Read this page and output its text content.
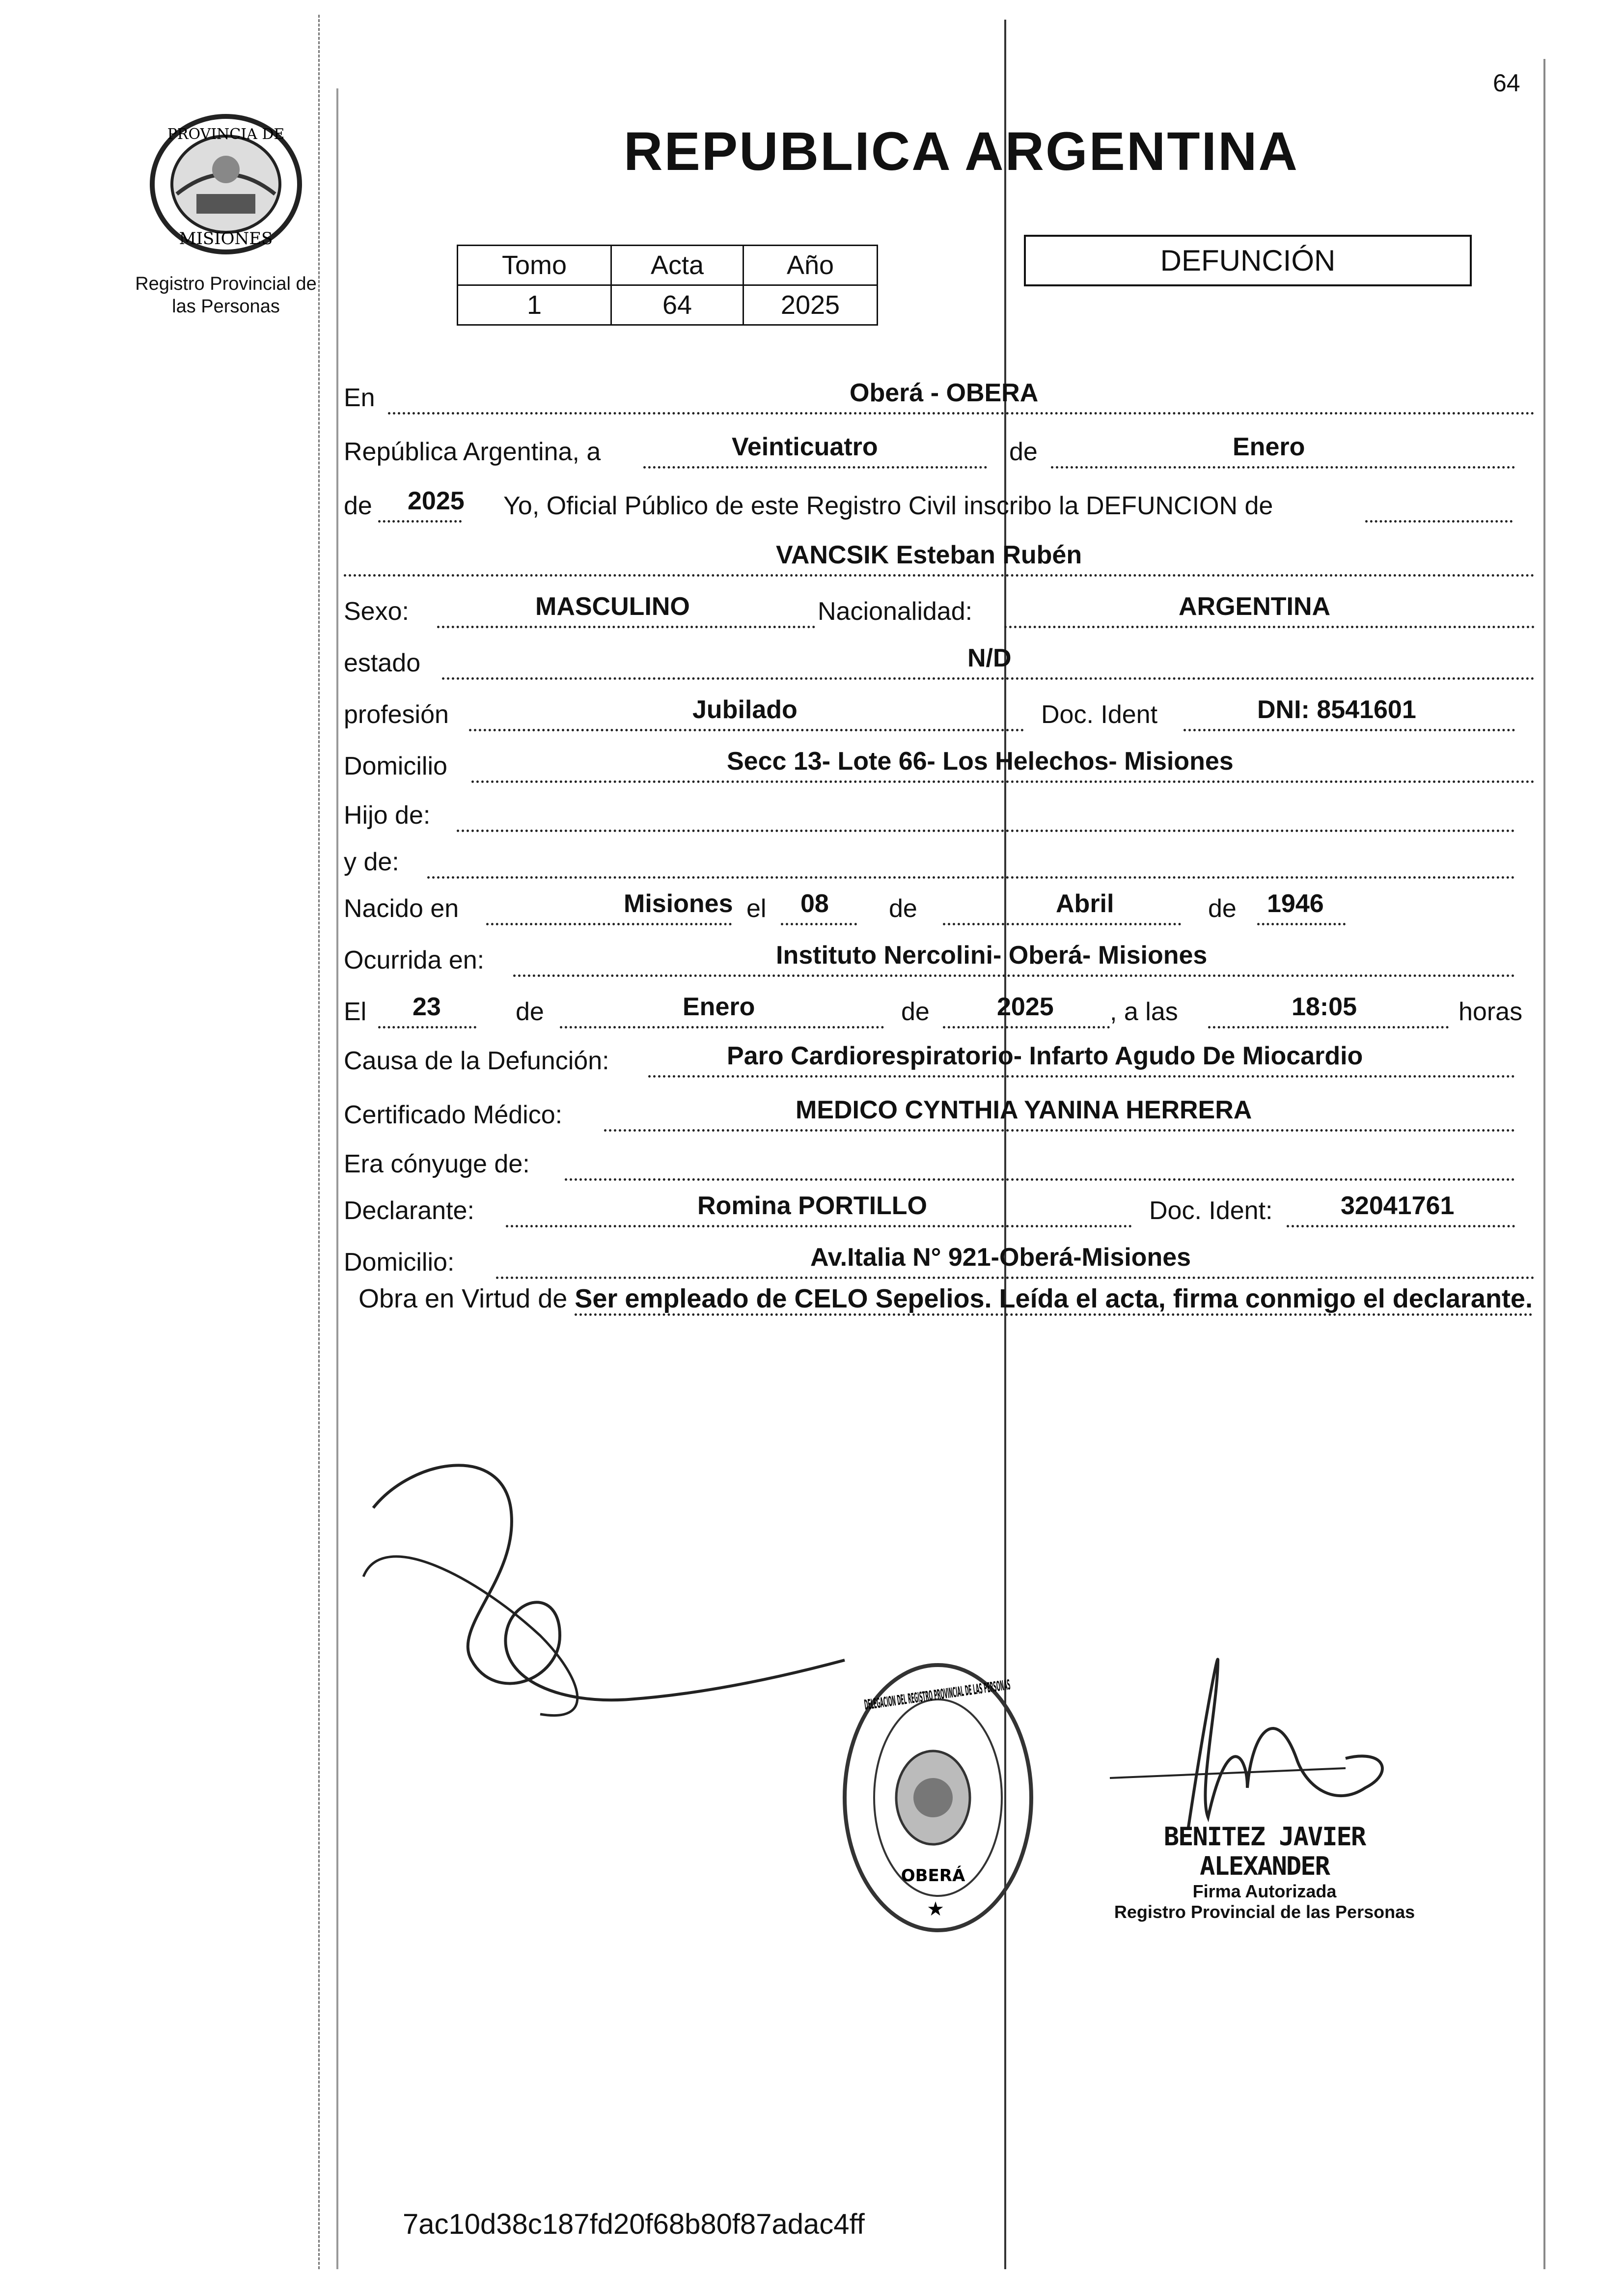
PROVINCIA DE
MISIONES
Registro Provincial de
las Personas
64
REPUBLICA ARGENTINA
Tomo	Acta	Año
1	64	2025
DEFUNCIÓN
En	Oberá - OBERA
República Argentina, a	Veinticuatro	de	Enero
de 2025 Yo, Oficial Público de este Registro Civil inscribo la DEFUNCION de
VANCSIK Esteban Rubén
Sexo:	MASCULINO	Nacionalidad:	ARGENTINA
estado	N/D
profesión	Jubilado	Doc. Ident	DNI: 8541601
Domicilio	Secc 13- Lote 66- Los Helechos- Misiones
Hijo de:
y de:
Nacido en	Misiones el 08 de	Abril	de 1946
Ocurrida en:	Instituto Nercolini- Oberá- Misiones
El 23	de	Enero	de	2025 , a las	18:05	horas
Causa de la Defunción:	Paro Cardiorespiratorio- Infarto Agudo De Miocardio
Certificado Médico:	MEDICO CYNTHIA YANINA HERRERA
Era cónyuge de:
Declarante:	Romina PORTILLO	Doc. Ident:	32041761
Domicilio:	Av.Italia N° 921-Oberá-Misiones
Obra en Virtud de Ser empleado de CELO Sepelios. Leída el acta, firma conmigo el declarante.
DELEGACION DEL REGISTRO PROVINCIAL DE LAS PERSONAS
OBERÁ
★
BENITEZ JAVIER ALEXANDER
Firma Autorizada
Registro Provincial de las Personas
7ac10d38c187fd20f68b80f87adac4ff
